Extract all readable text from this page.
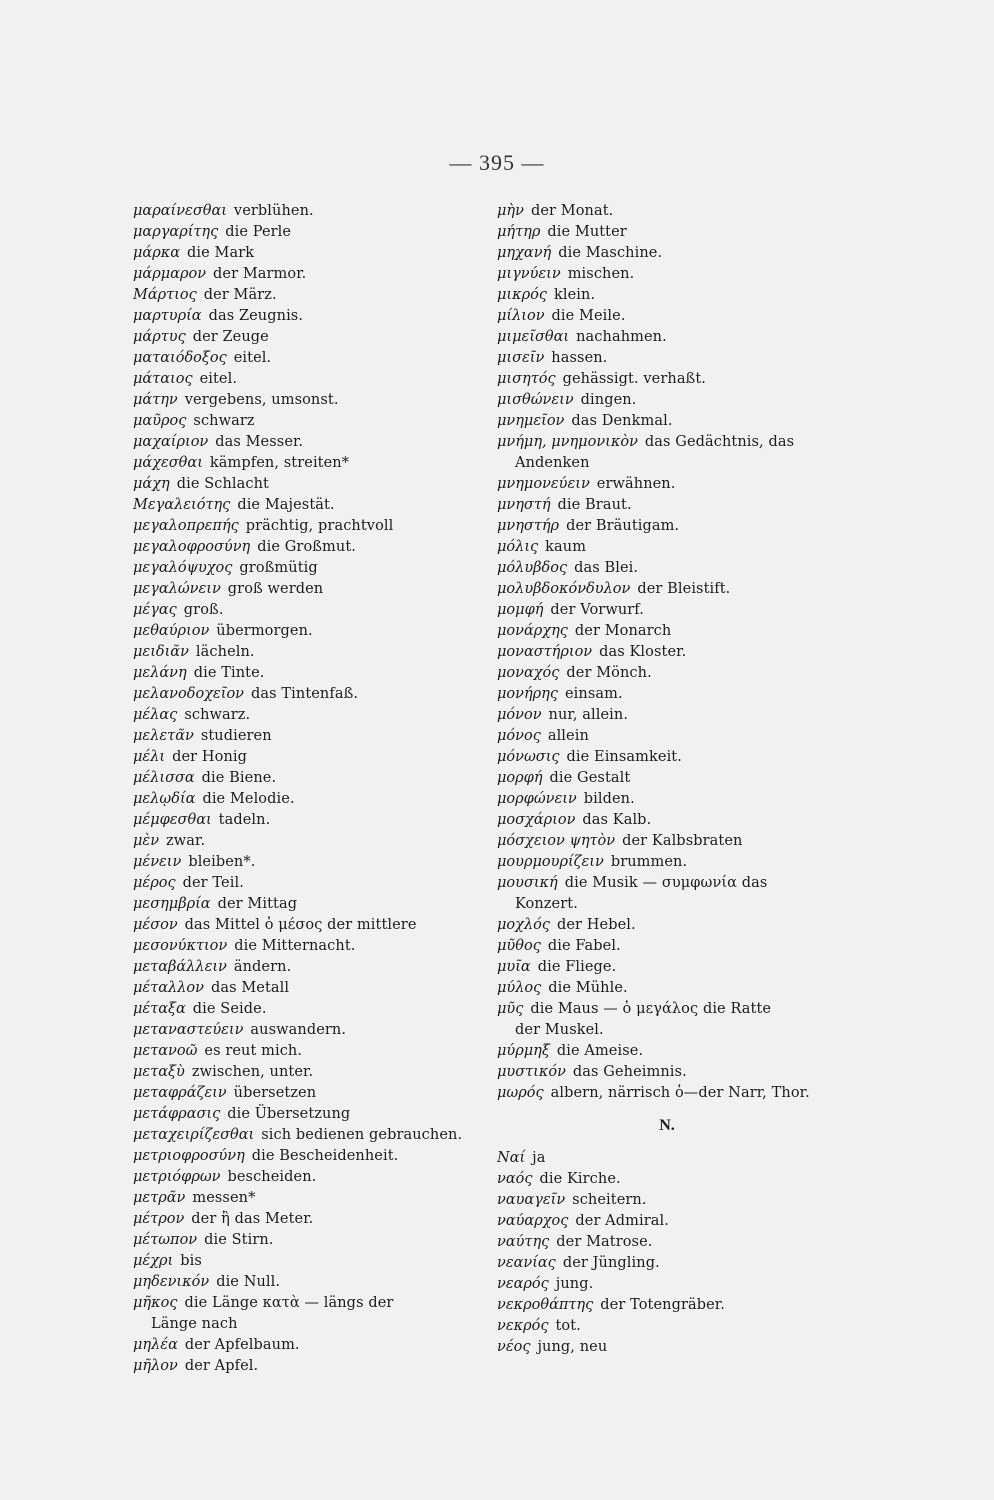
— 395 —
μαραίνεσθαι verblühen.
μαργαρίτης die Perle
μάρκα die Mark
μάρμαρον der Marmor.
Μάρτιος der März.
μαρτυρία das Zeugnis.
μάρτυς der Zeuge
ματαιόδοξος eitel.
μάταιος eitel.
μάτην vergebens, umsonst.
μαῦρος schwarz
μαχαίριον das Messer.
μάχεσθαι kämpfen, streiten*
μάχη die Schlacht
Μεγαλειότης die Majestät.
μεγαλοπρεπής prächtig, prachtvoll
μεγαλοφροσύνη die Großmut.
μεγαλόψυχος großmütig
μεγαλώνειν groß werden
μέγας groß.
μεθαύριον übermorgen.
μειδιᾶν lächeln.
μελάνη die Tinte.
μελανοδοχεῖον das Tintenfaß.
μέλας schwarz.
μελετᾶν studieren
μέλι der Honig
μέλισσα die Biene.
μελῳδία die Melodie.
μέμφεσθαι tadeln.
μὲν zwar.
μένειν bleiben*.
μέρος der Teil.
μεσημβρία der Mittag
μέσον das Mittel ὁ μέσος der mittlere
μεσονύκτιον die Mitternacht.
μεταβάλλειν ändern.
μέταλλον das Metall
μέταξα die Seide.
μεταναστεύειν auswandern.
μετανοῶ es reut mich.
μεταξὺ zwischen, unter.
μεταφράζειν übersetzen
μετάφρασις die Übersetzung
μεταχειρίζεσθαι sich bedienen gebrauchen.
μετριοφροσύνη die Bescheidenheit.
μετριόφρων bescheiden.
μετρᾶν messen*
μέτρον der ἢ das Meter.
μέτωπον die Stirn.
μέχρι bis
μηδενικόν die Null.
μῆκος die Länge κατὰ — längs der
Länge nach
μηλέα der Apfelbaum.
μῆλον der Apfel.
μὴν der Monat.
μήτηρ die Mutter
μηχανή die Maschine.
μιγνύειν mischen.
μικρός klein.
μίλιον die Meile.
μιμεῖσθαι nachahmen.
μισεῖν hassen.
μισητός gehässigt. verhaßt.
μισθώνειν dingen.
μνημεῖον das Denkmal.
μνήμη, μνημονικὸν das Gedächtnis, das
Andenken
μνημονεύειν erwähnen.
μνηστή die Braut.
μνηστήρ der Bräutigam.
μόλις kaum
μόλυβδος das Blei.
μολυβδοκόνδυλον der Bleistift.
μομφή der Vorwurf.
μονάρχης der Monarch
μοναστήριον das Kloster.
μοναχός der Mönch.
μονήρης einsam.
μόνον nur, allein.
μόνος allein
μόνωσις die Einsamkeit.
μορφή die Gestalt
μορφώνειν bilden.
μοσχάριον das Kalb.
μόσχειον ψητὸν der Kalbsbraten
μουρμουρίζειν brummen.
μουσική die Musik — συμφωνία das
Konzert.
μοχλός der Hebel.
μῦθος die Fabel.
μυῖα die Fliege.
μύλος die Mühle.
μῦς die Maus — ὁ μεγάλος die Ratte
der Muskel.
μύρμηξ die Ameise.
μυστικόν das Geheimnis.
μωρός albern, närrisch ὁ—der Narr, Thor.
N.
Ναί ja
ναός die Kirche.
ναυαγεῖν scheitern.
ναύαρχος der Admiral.
ναύτης der Matrose.
νεανίας der Jüngling.
νεαρός jung.
νεκροθάπτης der Totengräber.
νεκρός tot.
νέος jung, neu
